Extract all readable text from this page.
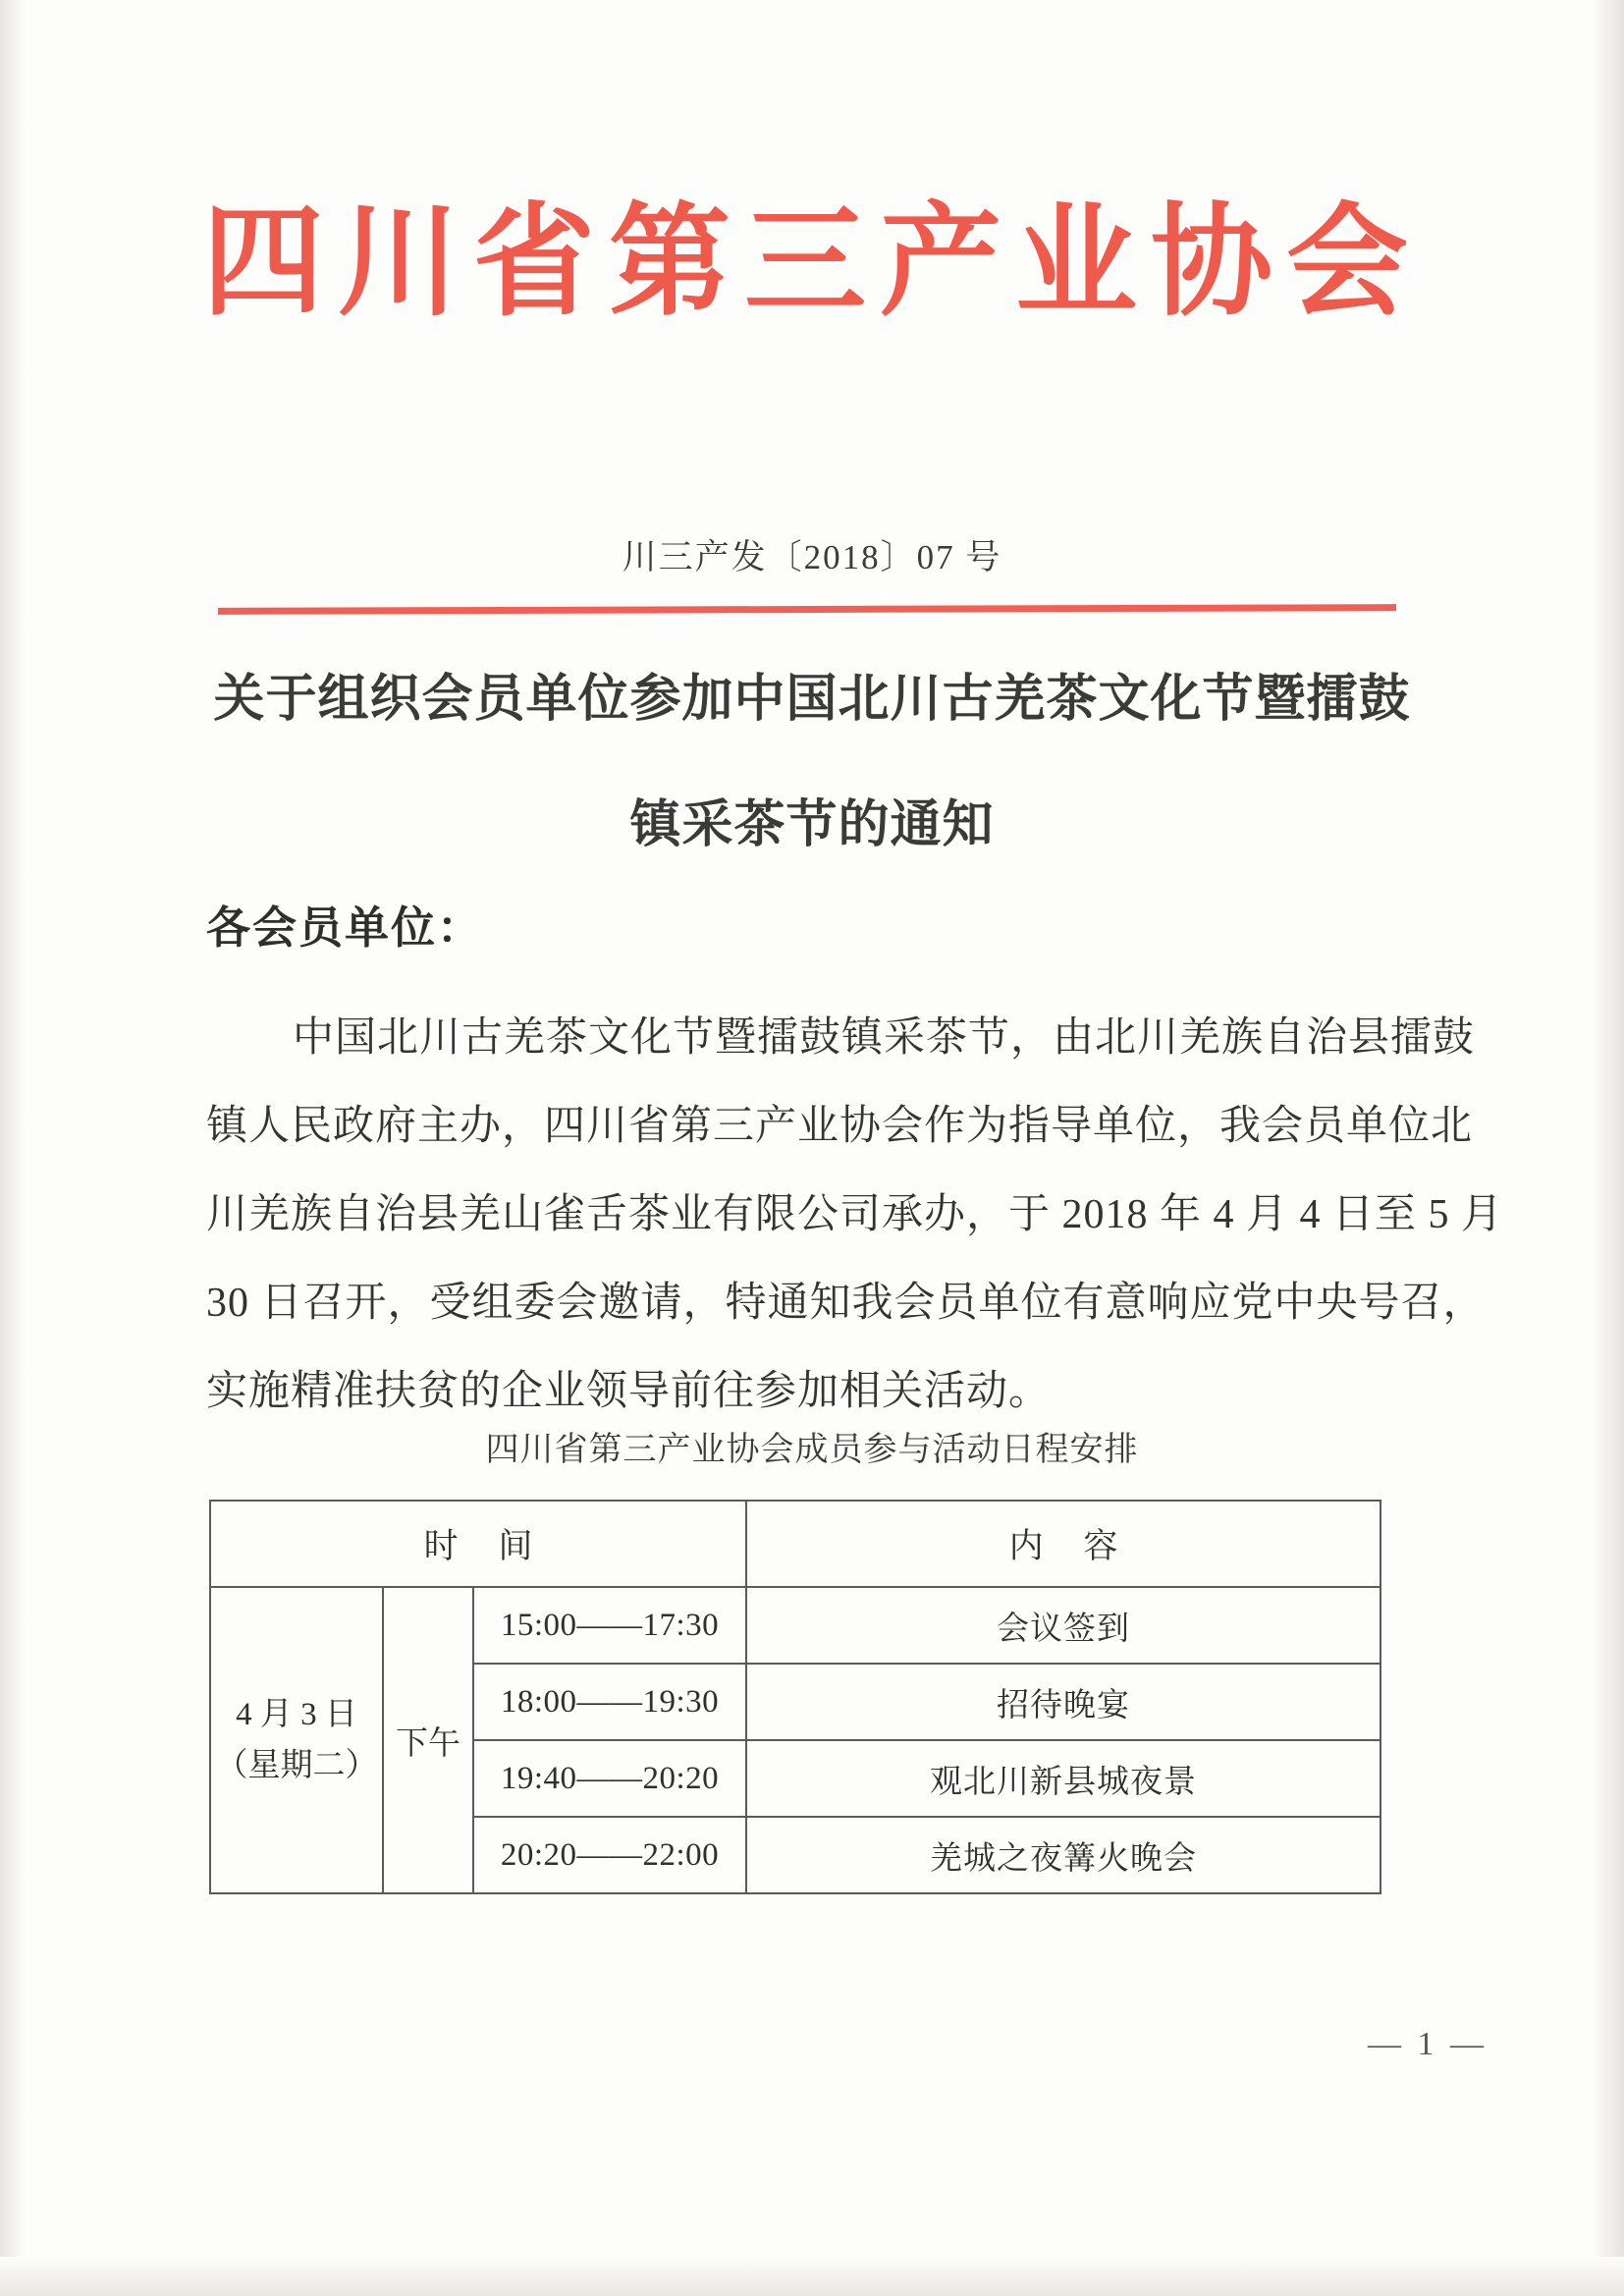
四川省第三产业协会
川三产发〔2018〕07 号
关于组织会员单位参加中国北川古羌茶文化节暨擂鼓
镇采茶节的通知
各会员单位：
中国北川古羌茶文化节暨擂鼓镇采茶节，由北川羌族自治县擂鼓
镇人民政府主办，四川省第三产业协会作为指导单位，我会员单位北
川羌族自治县羌山雀舌茶业有限公司承办，于 2018 年 4 月 4 日至 5 月
30 日召开，受组委会邀请，特通知我会员单位有意响应党中央号召，
实施精准扶贫的企业领导前往参加相关活动。
四川省第三产业协会成员参与活动日程安排
时 间			内 容
4 月 3 日（星期二）	下午	15:00——17:30	会议签到
		18:00——19:30	招待晚宴
		19:40——20:20	观北川新县城夜景
		20:20——22:00	羌城之夜篝火晚会
— 1 —
